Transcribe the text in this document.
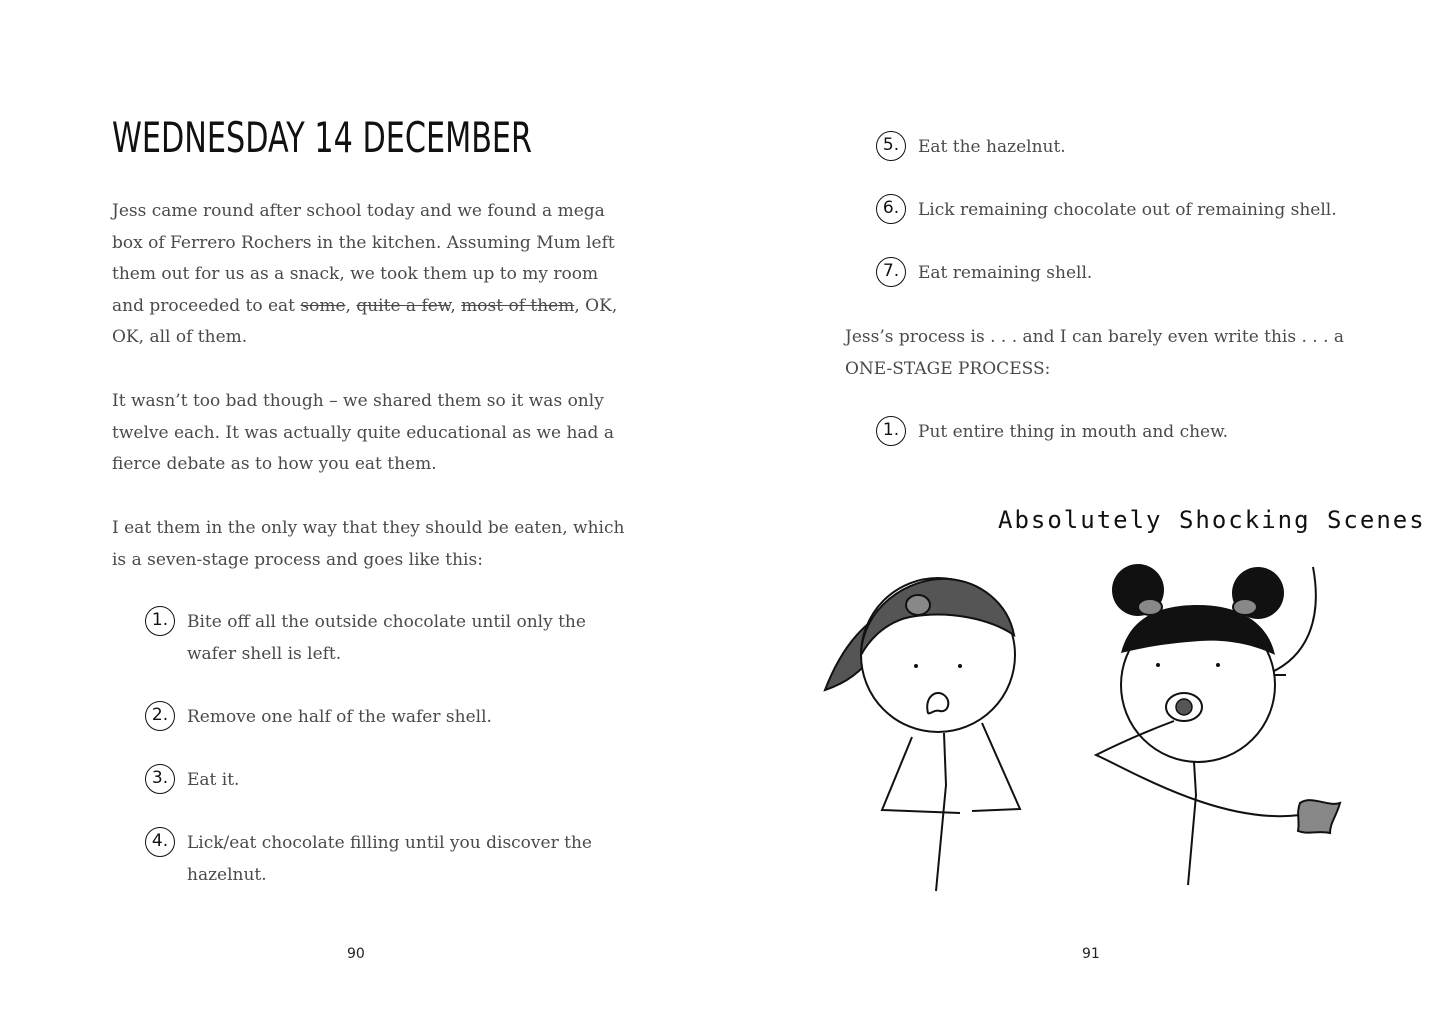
WEDNESDAY 14 DECEMBER
Jess came round after school today and we found a mega
box of Ferrero Rochers in the kitchen. Assuming Mum left
them out for us as a snack, we took them up to my room
and proceeded to eat some, quite a few, most of them, OK,
OK, all of them.
It wasn’t too bad though – we shared them so it was only
twelve each. It was actually quite educational as we had a
fierce debate as to how you eat them.
I eat them in the only way that they should be eaten, which
is a seven-stage process and goes like this:
1.	Bite off all the outside chocolate until only the
wafer shell is left.
2.	Remove one half of the wafer shell.
3.	Eat it.
4.	Lick/eat chocolate filling until you discover the
hazelnut.
90
5.	Eat the hazelnut.
6.	Lick remaining chocolate out of remaining shell.
7.	Eat remaining shell.
Jess’s process is . . . and I can barely even write this . . . a
ONE-STAGE PROCESS:
1.	Put entire thing in mouth and chew.
Absolutely Shocking Scenes
91
